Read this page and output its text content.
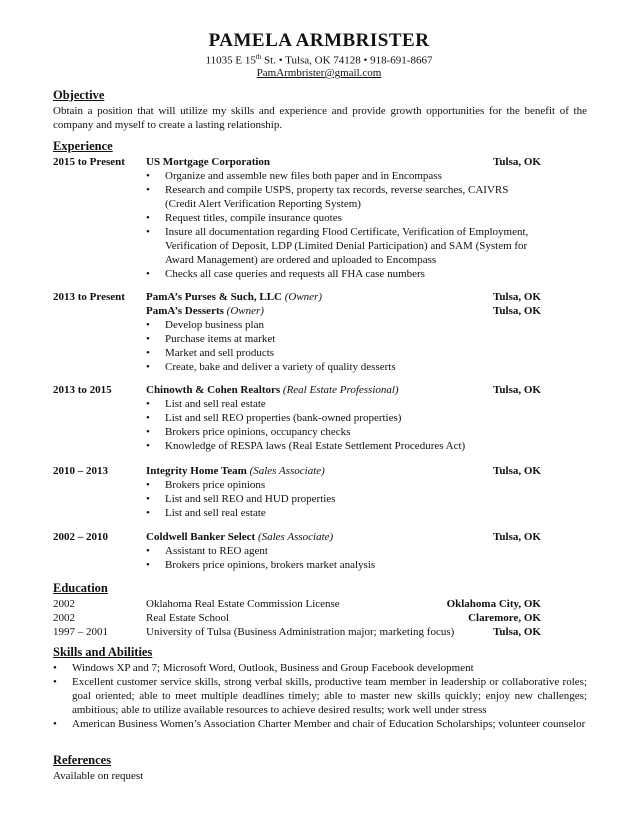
PAMELA ARMBRISTER
11035 E 15th St. • Tulsa, OK 74128 • 918-691-8667
PamArmbrister@gmail.com
Objective
Obtain a position that will utilize my skills and experience and provide growth opportunities for the benefit of the company and myself to create a lasting relationship.
Experience
2015 to Present US Mortgage Corporation	Tulsa, OK
• Organize and assemble new files both paper and in Encompass
• Research and compile USPS, property tax records, reverse searches, CAIVRS (Credit Alert Verification Reporting System)
• Request titles, compile insurance quotes
• Insure all documentation regarding Flood Certificate, Verification of Employment, Verification of Deposit, LDP (Limited Denial Participation) and SAM (System for Award Management) are ordered and uploaded to Encompass
• Checks all case queries and requests all FHA case numbers
2013 to Present PamA’s Purses & Such, LLC (Owner)	Tulsa, OK
PamA’s Desserts (Owner)	Tulsa, OK
• Develop business plan
• Purchase items at market
• Market and sell products
• Create, bake and deliver a variety of quality desserts
2013 to 2015	Chinowth & Cohen Realtors (Real Estate Professional)	Tulsa, OK
• List and sell real estate
• List and sell REO properties (bank-owned properties)
• Brokers price opinions, occupancy checks
• Knowledge of RESPA laws (Real Estate Settlement Procedures Act)
2010 – 2013	Integrity Home Team (Sales Associate)	Tulsa, OK
• Brokers price opinions
• List and sell REO and HUD properties
• List and sell real estate
2002 – 2010	Coldwell Banker Select (Sales Associate)	Tulsa, OK
• Assistant to REO agent
• Brokers price opinions, brokers market analysis
Education
2002	Oklahoma Real Estate Commission License	Oklahoma City, OK
2002	Real Estate School	Claremore, OK
1997 – 2001	University of Tulsa (Business Administration major; marketing focus)	Tulsa, OK
Skills and Abilities
• Windows XP and 7; Microsoft Word, Outlook, Business and Group Facebook development
• Excellent customer service skills, strong verbal skills, productive team member in leadership or collaborative roles; goal oriented; able to meet multiple deadlines timely; able to master new skills quickly; enjoy new challenges; ambitious; able to utilize available resources to achieve desired results; work well under stress
• American Business Women’s Association Charter Member and chair of Education Scholarships; volunteer counselor
References
Available on request
